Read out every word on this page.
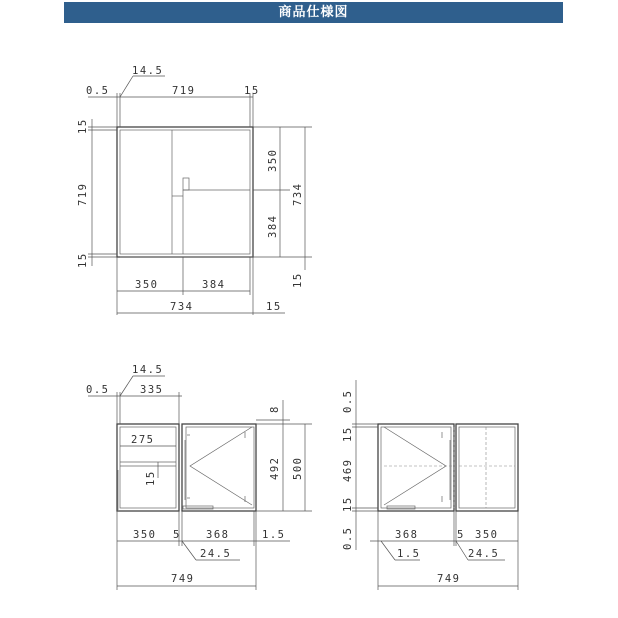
商品仕様図
14.5
0.5	719	15
15
719
15
350
384
734
15
350	384
734	15
14.5
0.5	335
275
15
8
492 500
350 5 368	1.5
24.5
749
0.5
15
469
15
0.5	368	5 350
1.5	24.5
749
